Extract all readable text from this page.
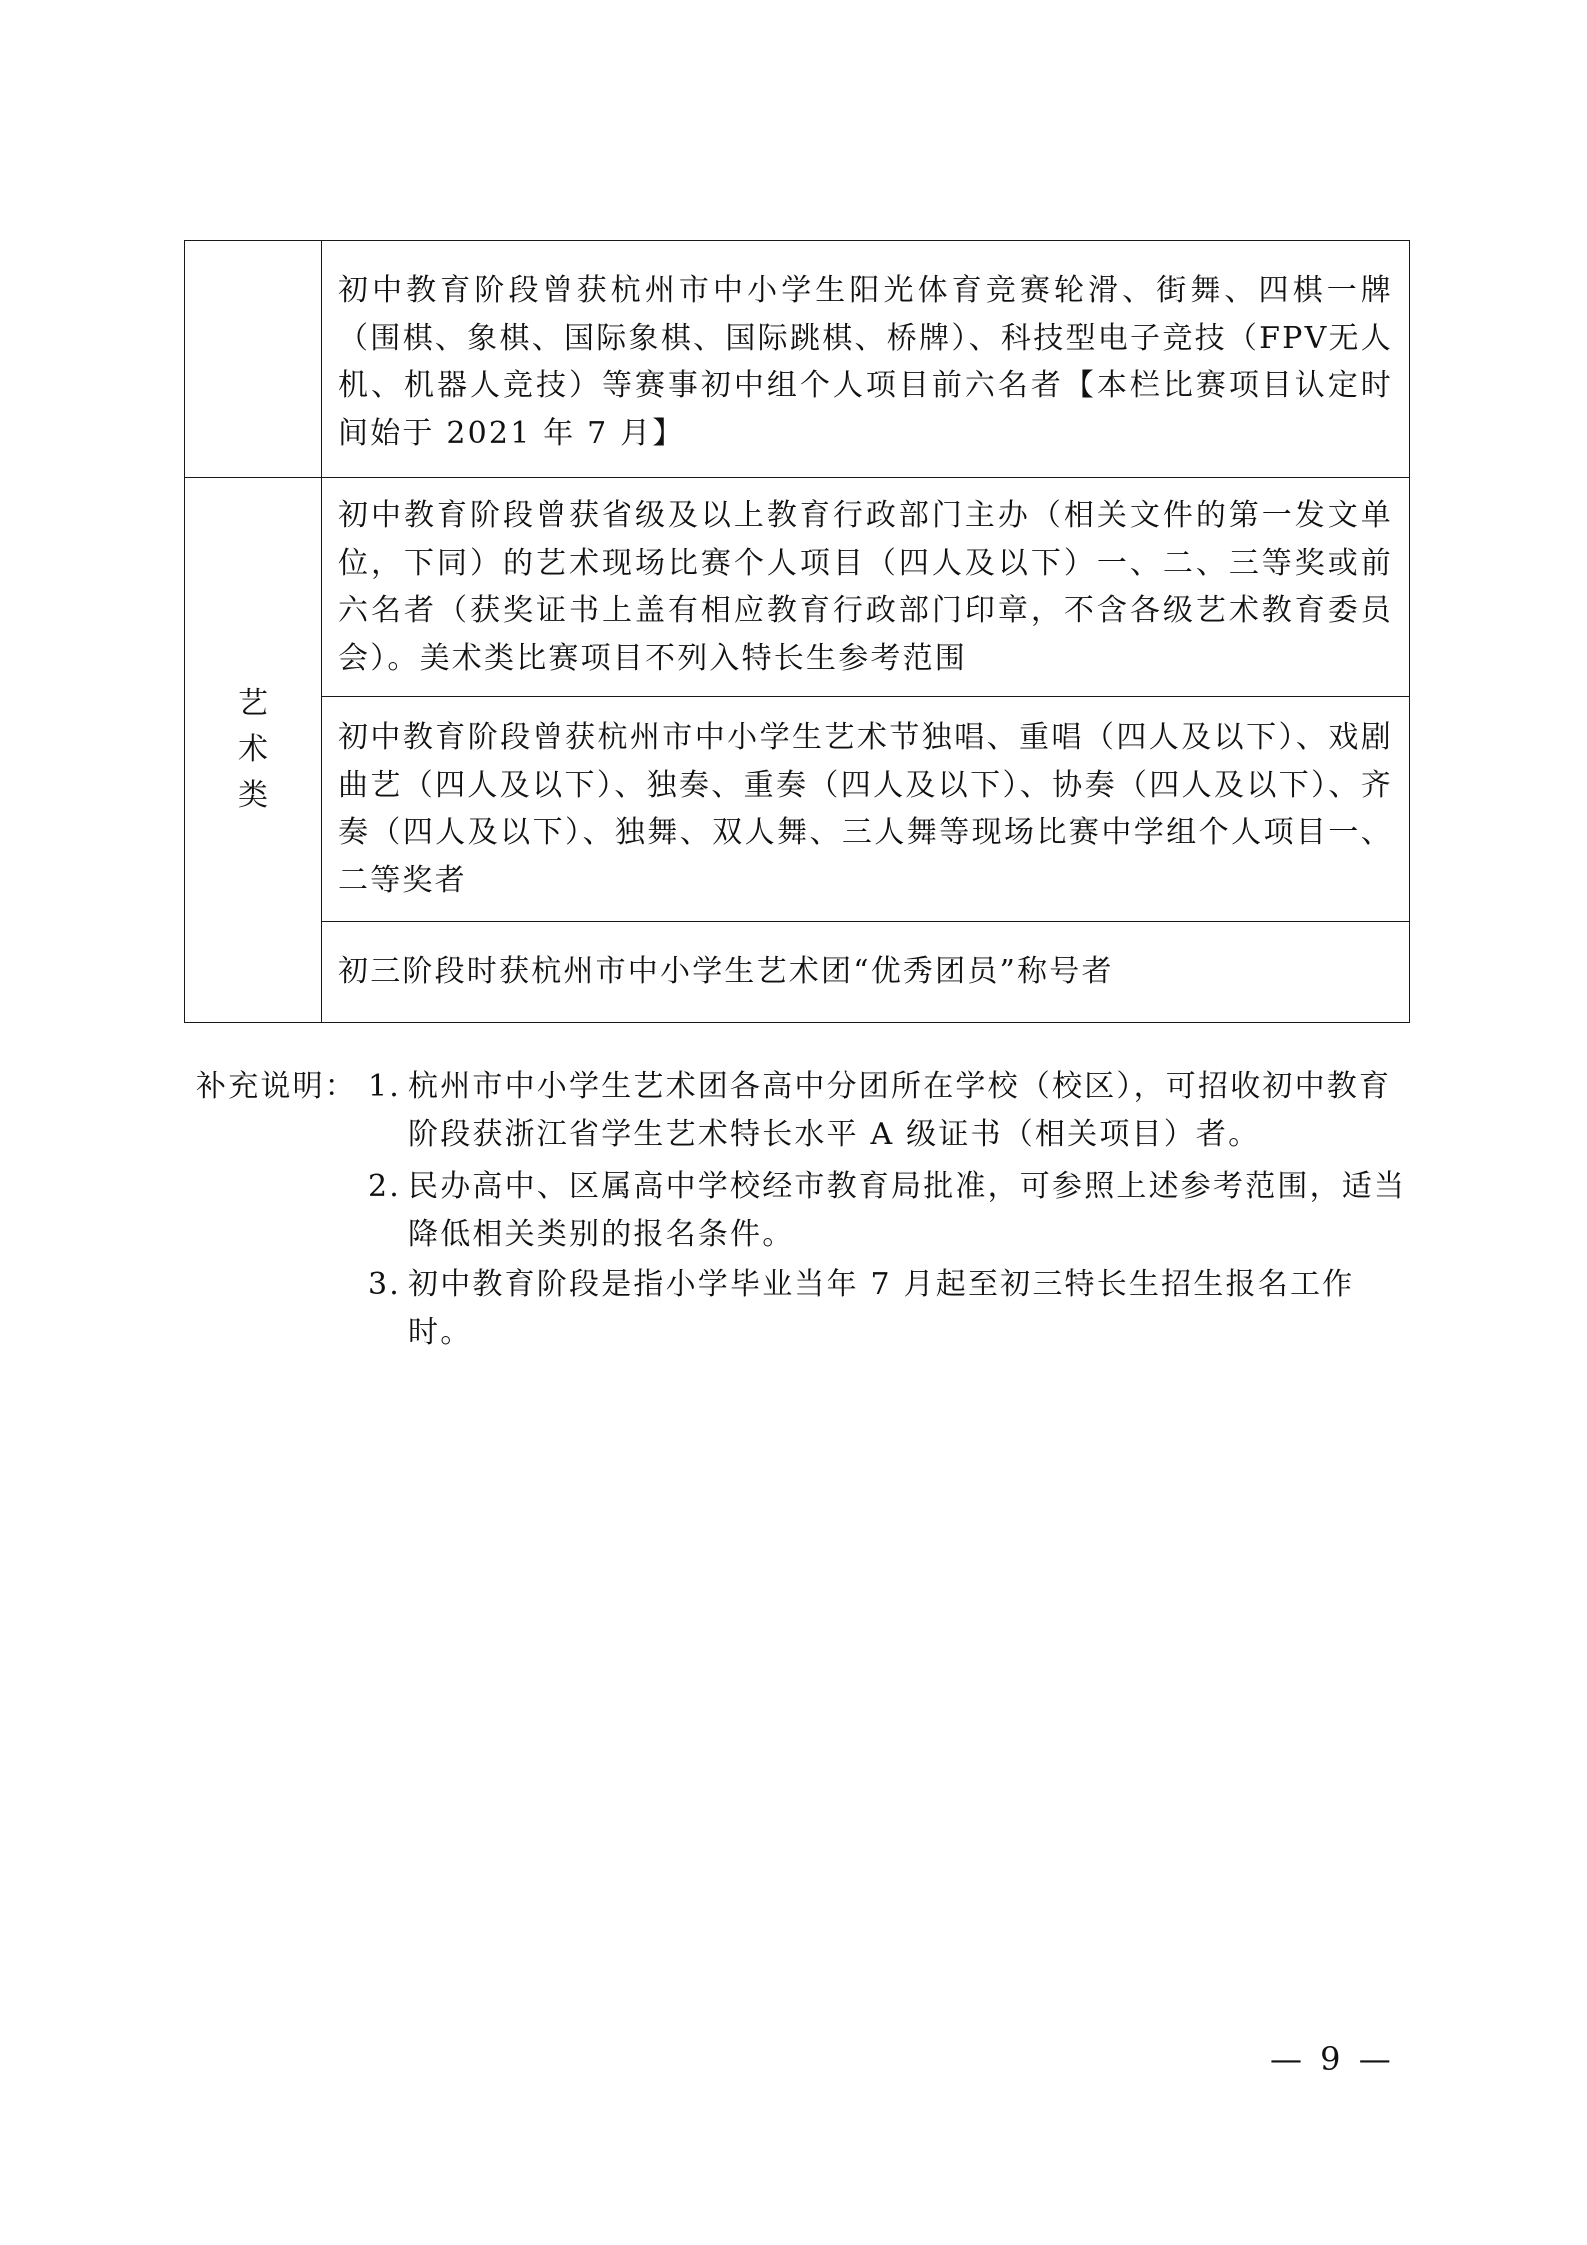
	初中教育阶段曾获杭州市中小学生阳光体育竞赛轮滑、街舞、四棋一牌（围棋、象棋、国际象棋、国际跳棋、桥牌）、科技型电子竞技（FPV无人机、机器人竞技）等赛事初中组个人项目前六名者【本栏比赛项目认定时间始于 2021 年 7 月】
艺术类	初中教育阶段曾获省级及以上教育行政部门主办（相关文件的第一发文单位，下同）的艺术现场比赛个人项目（四人及以下）一、二、三等奖或前六名者（获奖证书上盖有相应教育行政部门印章，不含各级艺术教育委员会）。美术类比赛项目不列入特长生参考范围
	初中教育阶段曾获杭州市中小学生艺术节独唱、重唱（四人及以下）、戏剧曲艺（四人及以下）、独奏、重奏（四人及以下）、协奏（四人及以下）、齐奏（四人及以下）、独舞、双人舞、三人舞等现场比赛中学组个人项目一、二等奖者
	初三阶段时获杭州市中小学生艺术团“优秀团员”称号者
补充说明： 1. 杭州市中小学生艺术团各高中分团所在学校（校区），可招收初中教育阶段获浙江省学生艺术特长水平 A 级证书（相关项目）者。
2. 民办高中、区属高中学校经市教育局批准，可参照上述参考范围，适当降低相关类别的报名条件。
3. 初中教育阶段是指小学毕业当年 7 月起至初三特长生招生报名工作时。
— 9 —
